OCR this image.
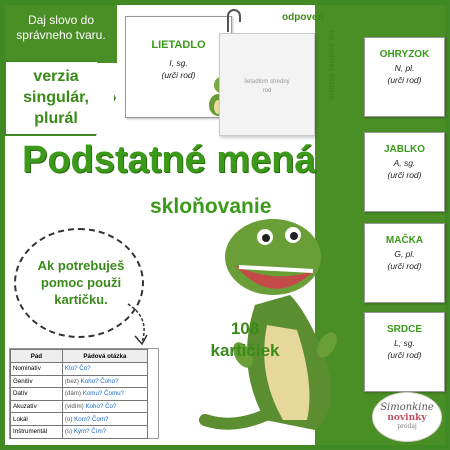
Daj slovo do správneho tvaru.
verzia singulár, plurál
LIETADLO
I, sg.
(urči rod)
lietadlom stredný rod
odpoveď
na zadnej strane	OHRYZOK
N, pl.
(urči rod)
JABLKO
A, sg.
(urči rod)
MAČKA
G, pl.
(urči rod)
SRDCE
L, sg.
(urči rod)
Podstatné mená
skloňovanie
Ak potrebuješ pomoc použi kartičku.
108
kartičiek
Pád	Pádová otázka
Nominatív	Kto? Čo?
Genitív	(bez) Koho? Čoho?
Datív	(dám) Komu? Čomu?
Akuzatív	(vidím) Koho? Čo?
Lokál	(o) Kom? Čom?
Inštrumentál	(s) Kým? Čím?
Simonkine
novinky
predaj
